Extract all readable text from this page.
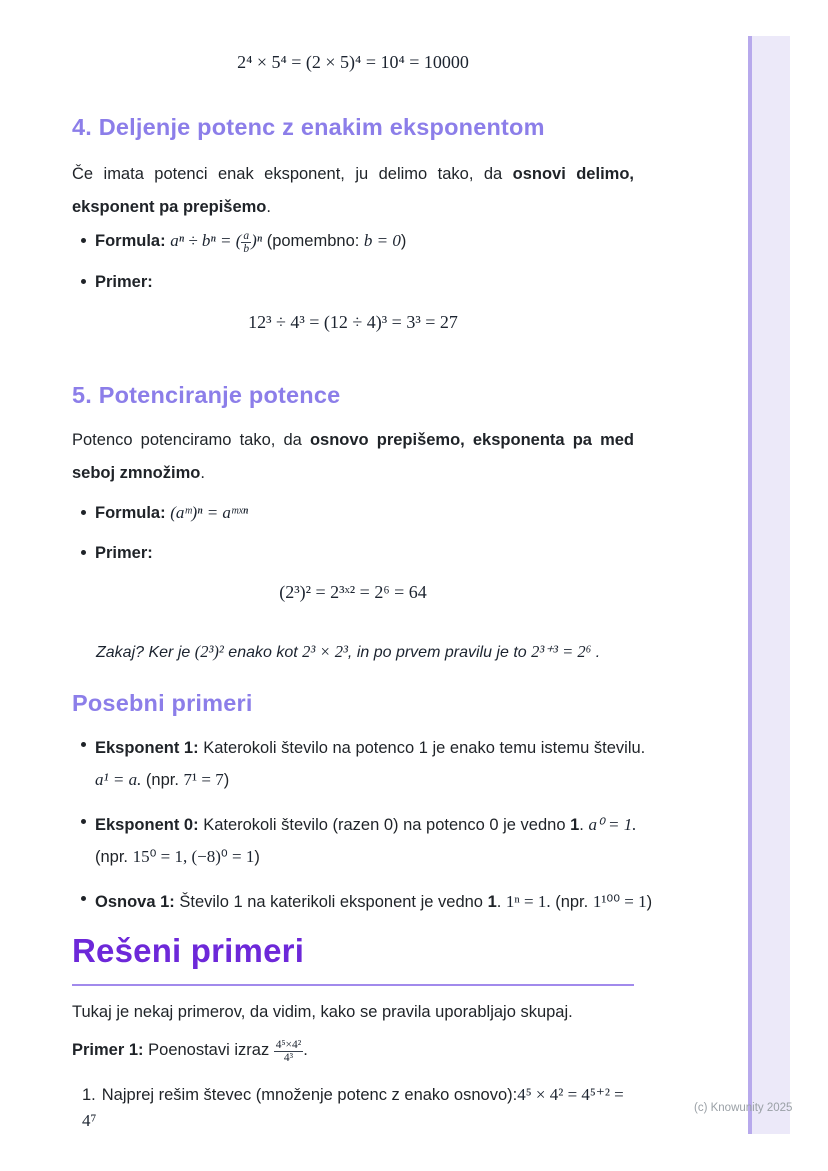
2⁴ × 5⁴ = (2 × 5)⁴ = 10⁴ = 10000
4. Deljenje potenc z enakim eksponentom

Če imata potenci enak eksponent, ju delimo tako, da osnovi delimo, eksponent pa prepišemo.

Formula: aⁿ ÷ bⁿ = ( $\frac{a}{b} )^n$ (pomembno: b = 0)
Primer:
12³ ÷ 4³ = (12 ÷ 4)³ = 3³ = 27
5. Potenciranje potence

Potenco potenciramo tako, da osnovo prepišemo, eksponenta pa med seboj zmnožimo.

Formula: (aᵐ)ⁿ = aᵐˣⁿ
Primer:
(2³)² = 2³ˣ² = 2⁶ = 64
Zakaj? Ker je (2³)² enako kot 2³ × 2³, in po prvem pravilu je to 2³⁺³ = 2⁶ .
Posebni primeri
Eksponent 1: Katerokoli število na potenco 1 je enako temu istemu številu. a¹ = a. (npr. 7¹ = 7)
Eksponent 0: Katerokoli število (razen 0) na potenco 0 je vedno 1. a⁰ = 1. (npr. 15⁰ = 1, (−8)⁰ = 1)
Osnova 1: Število 1 na katerikoli eksponent je vedno 1. 1ⁿ = 1. (npr. 1¹⁰⁰ = 1)
Rešeni primeri

Tukaj je nekaj primerov, da vidim, kako se pravila uporabljajo skupaj.

Primer 1: Poenostavi izraz $\frac{\text{4⁵×4²}}{\text{4³}}$ .

1. Najprej rešim števec (množenje potenc z enako osnovo):4⁵ × 4² = 4⁵⁺² = 4⁷
(c) Knowunity 2025
